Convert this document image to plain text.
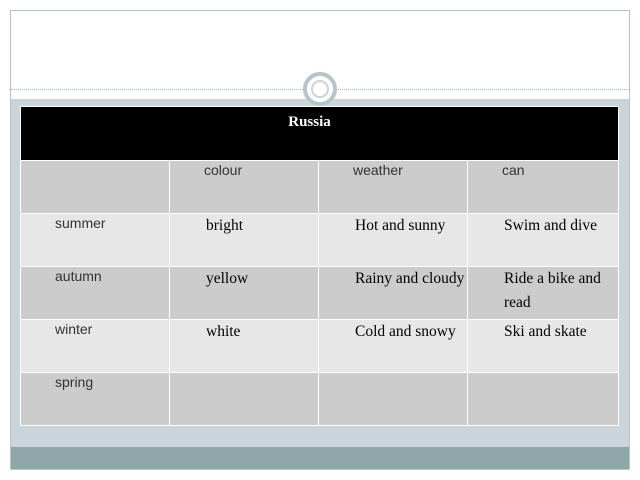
Russia			

	colour	weather	can

summer	bright	Hot and sunny	Swim and dive

autumn	yellow	Rainy and cloudy	Ride a bike and read

winter	white	Cold and snowy	Ski and skate

spring			
